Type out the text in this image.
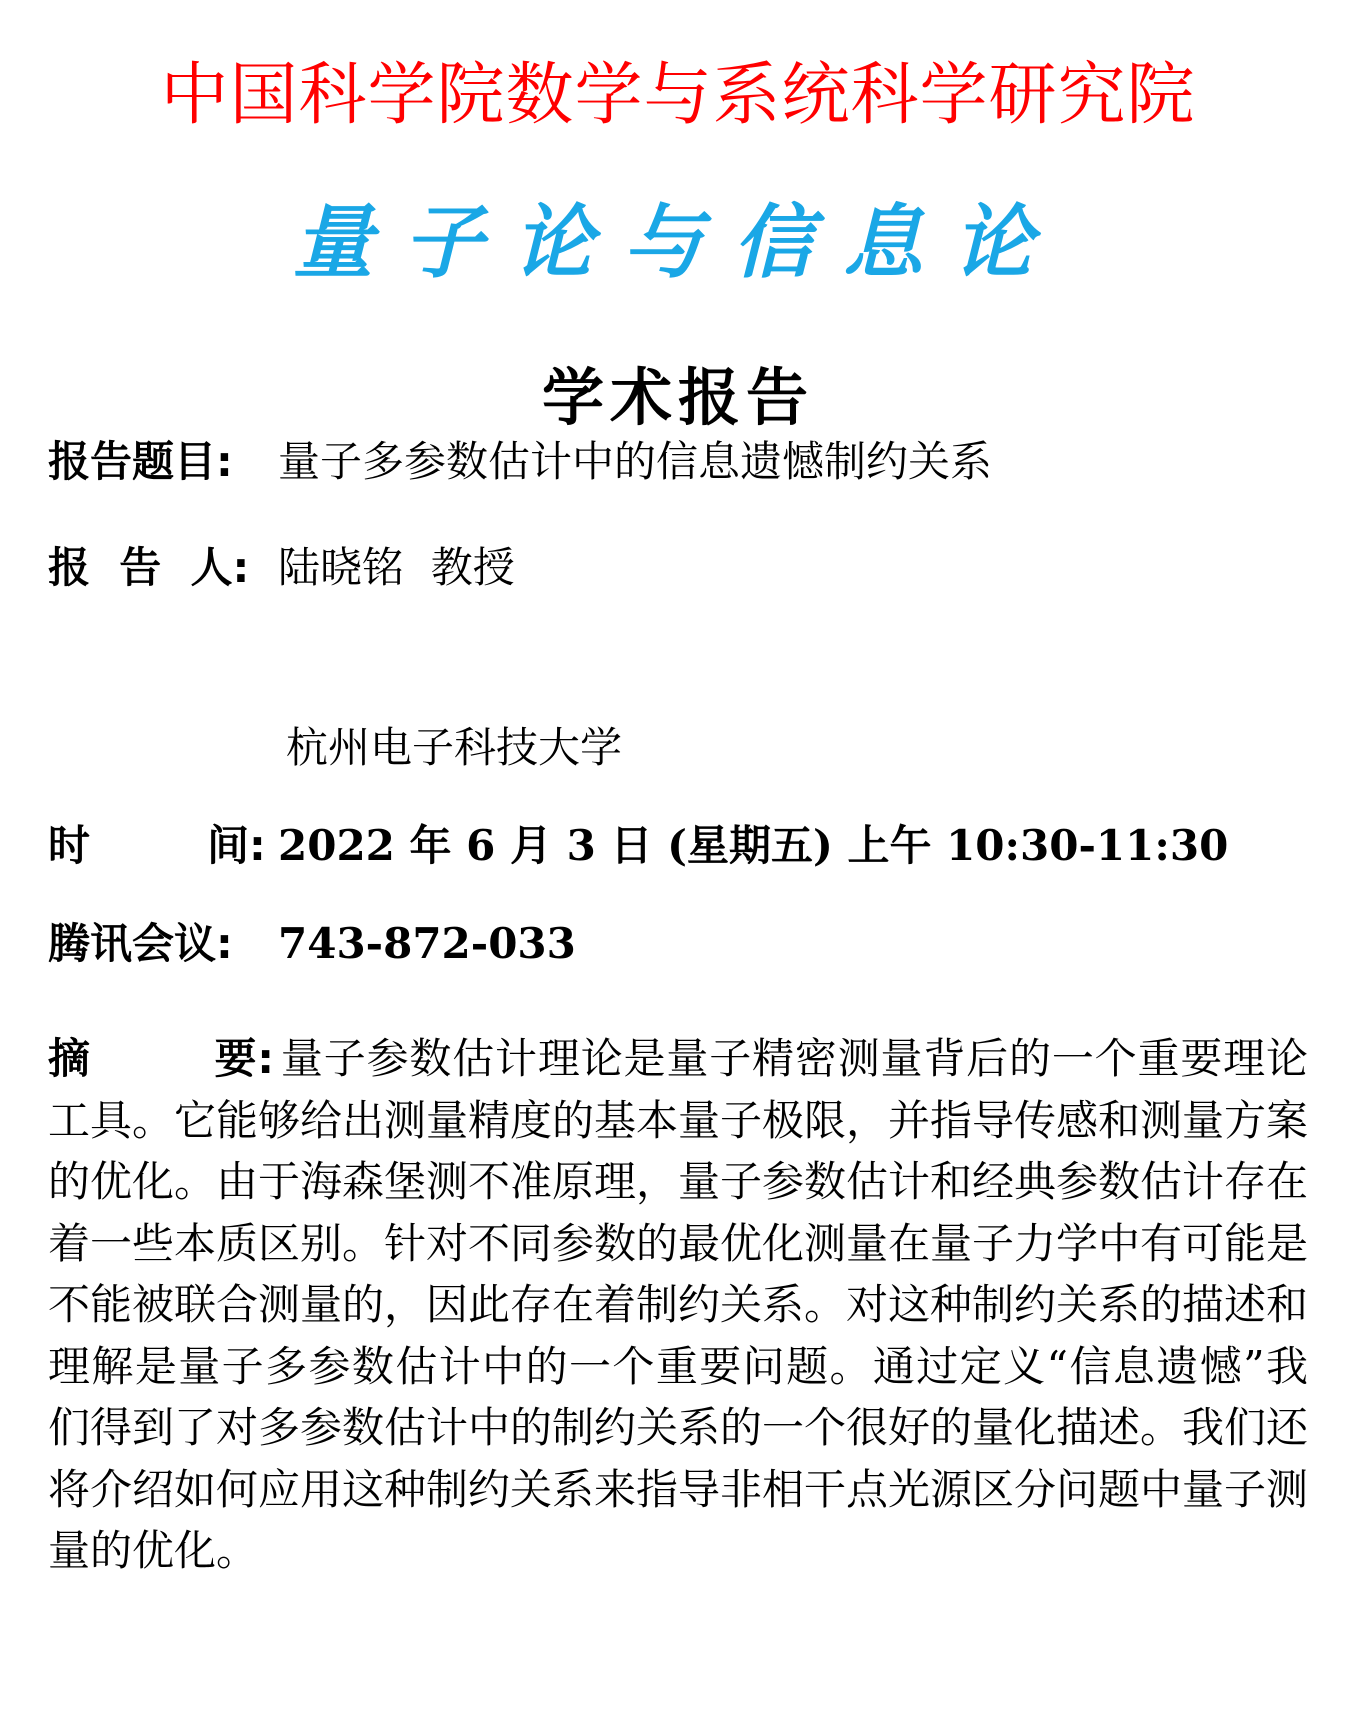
中国科学院数学与系统科学研究院
量子论与信息论
学术报告
报告题目: 量子多参数估计中的信息遗憾制约关系
报  告  人: 陆晓铭  教授
杭州电子科技大学
时        间: 2022 年 6 月 3 日 (星期五) 上午 10:30-11:30
腾讯会议: 743-872-033
摘        要: 量子参数估计理论是量子精密测量背后的一个重要理论工具。它能够给出测量精度的基本量子极限，并指导传感和测量方案的优化。由于海森堡测不准原理，量子参数估计和经典参数估计存在着一些本质区别。针对不同参数的最优化测量在量子力学中有可能是不能被联合测量的，因此存在着制约关系。对这种制约关系的描述和理解是量子多参数估计中的一个重要问题。通过定义“信息遗憾”我们得到了对多参数估计中的制约关系的一个很好的量化描述。我们还将介绍如何应用这种制约关系来指导非相干点光源区分问题中量子测量的优化。
